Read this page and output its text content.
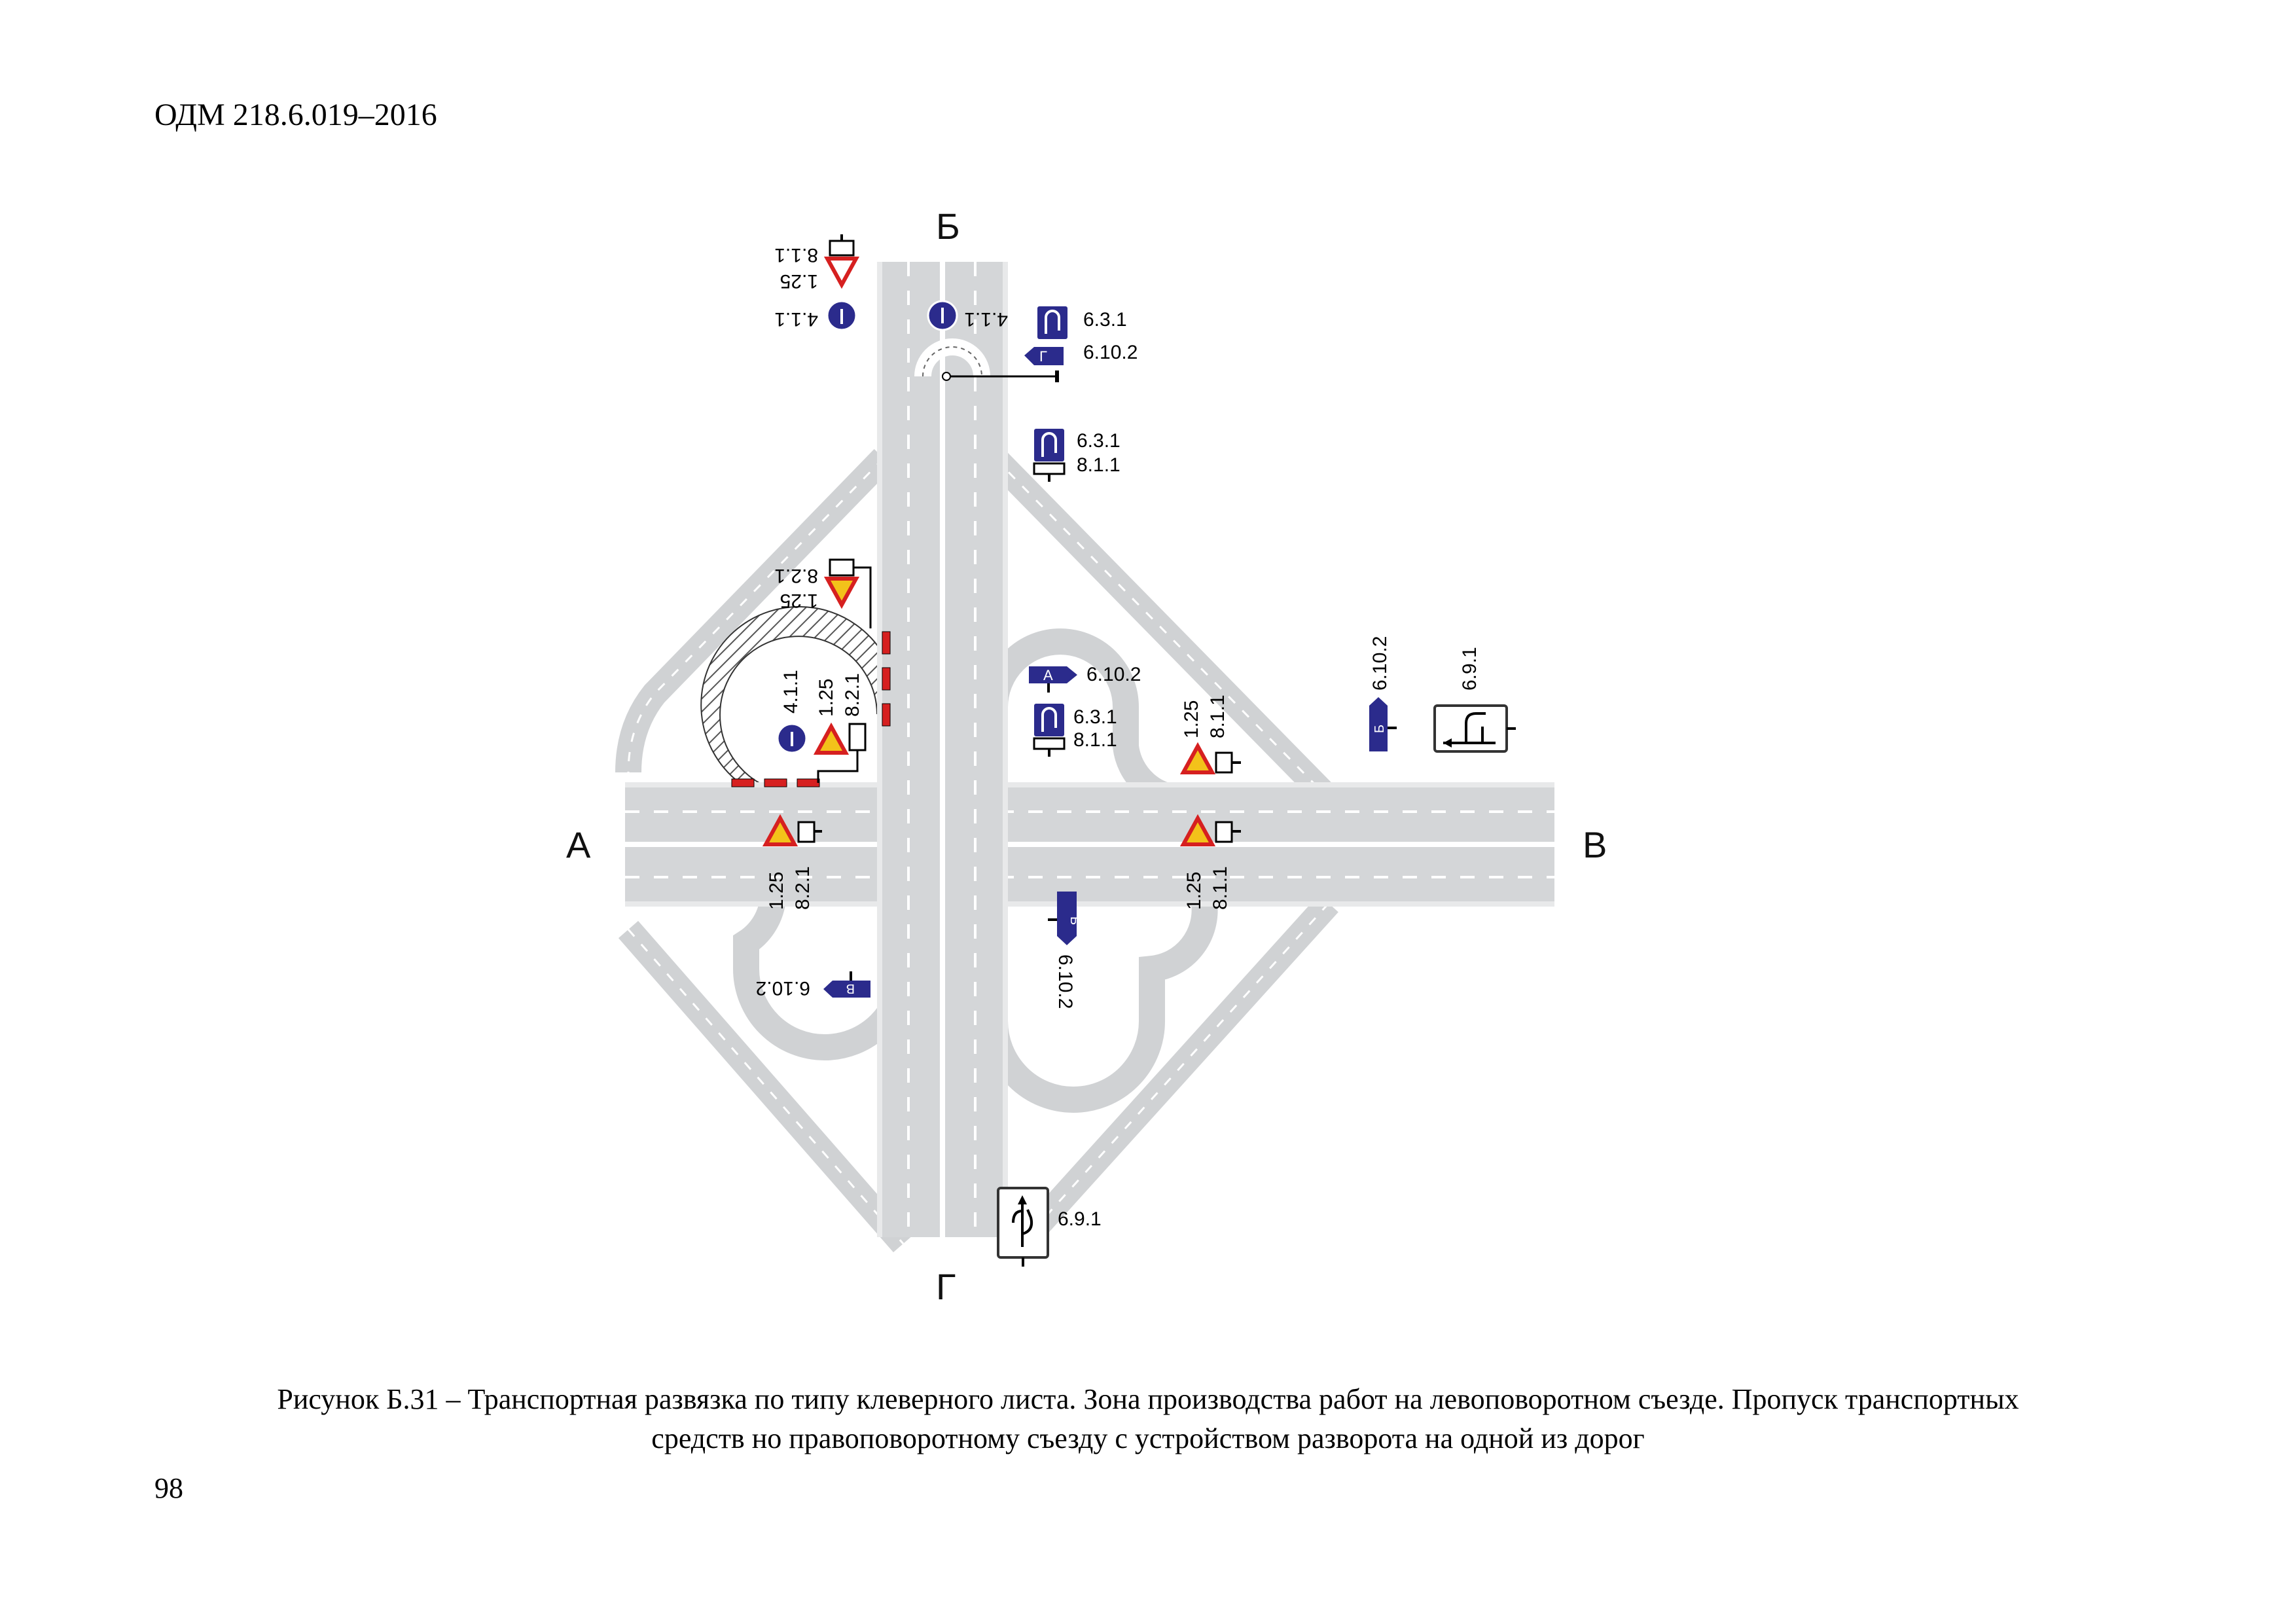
ОДМ 218.6.019–2016
Б
Г
А	В
8.1.1
1.25
4.1.1	4.1.1	6.3.1
Г 6.10.2
6.3.1
8.1.1
8.2.1
1.25
4.1.1 1.25 8.2.1	А 6.10.2
6.3.1
8.1.1
1.25 8.1.1	Б
6.10.2	6.9.1
1.25 8.2.1	1.25 8.1.1
Б
6.10.2
В
6.10.2
6.9.1
Рисунок Б.31 – Транспортная развязка по типу клеверного листа. Зона производства работ на левоповоротном съезде. Пропуск транспортных
средств но правоповоротному съезду с устройством разворота на одной из дорог
98
